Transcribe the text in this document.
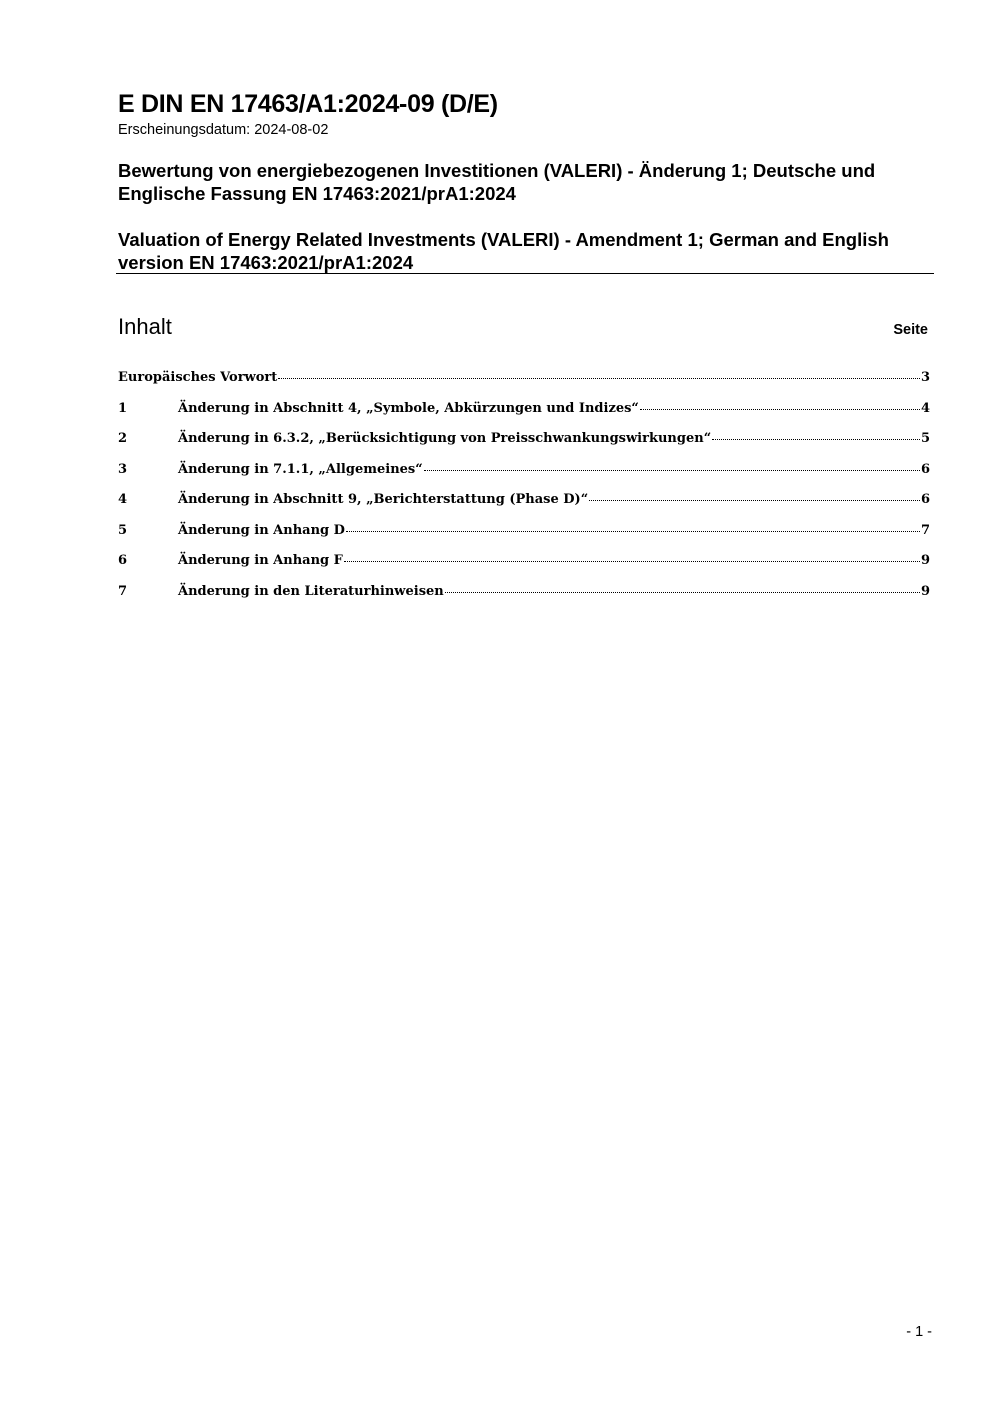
E DIN EN 17463/A1:2024-09 (D/E)
Erscheinungsdatum: 2024-08-02
Bewertung von energiebezogenen Investitionen (VALERI) - Änderung 1; Deutsche und Englische Fassung EN 17463:2021/prA1:2024
Valuation of Energy Related Investments (VALERI) - Amendment 1; German and English version EN 17463:2021/prA1:2024
Inhalt	Seite
Europäisches Vorwort	3
1	Änderung in Abschnitt 4, „Symbole, Abkürzungen und Indizes“	4
2	Änderung in 6.3.2, „Berücksichtigung von Preisschwankungswirkungen“	5
3	Änderung in 7.1.1, „Allgemeines“	6
4	Änderung in Abschnitt 9, „Berichterstattung (Phase D)“	6
5	Änderung in Anhang D	7
6	Änderung in Anhang F	9
7	Änderung in den Literaturhinweisen	9
- 1 -
